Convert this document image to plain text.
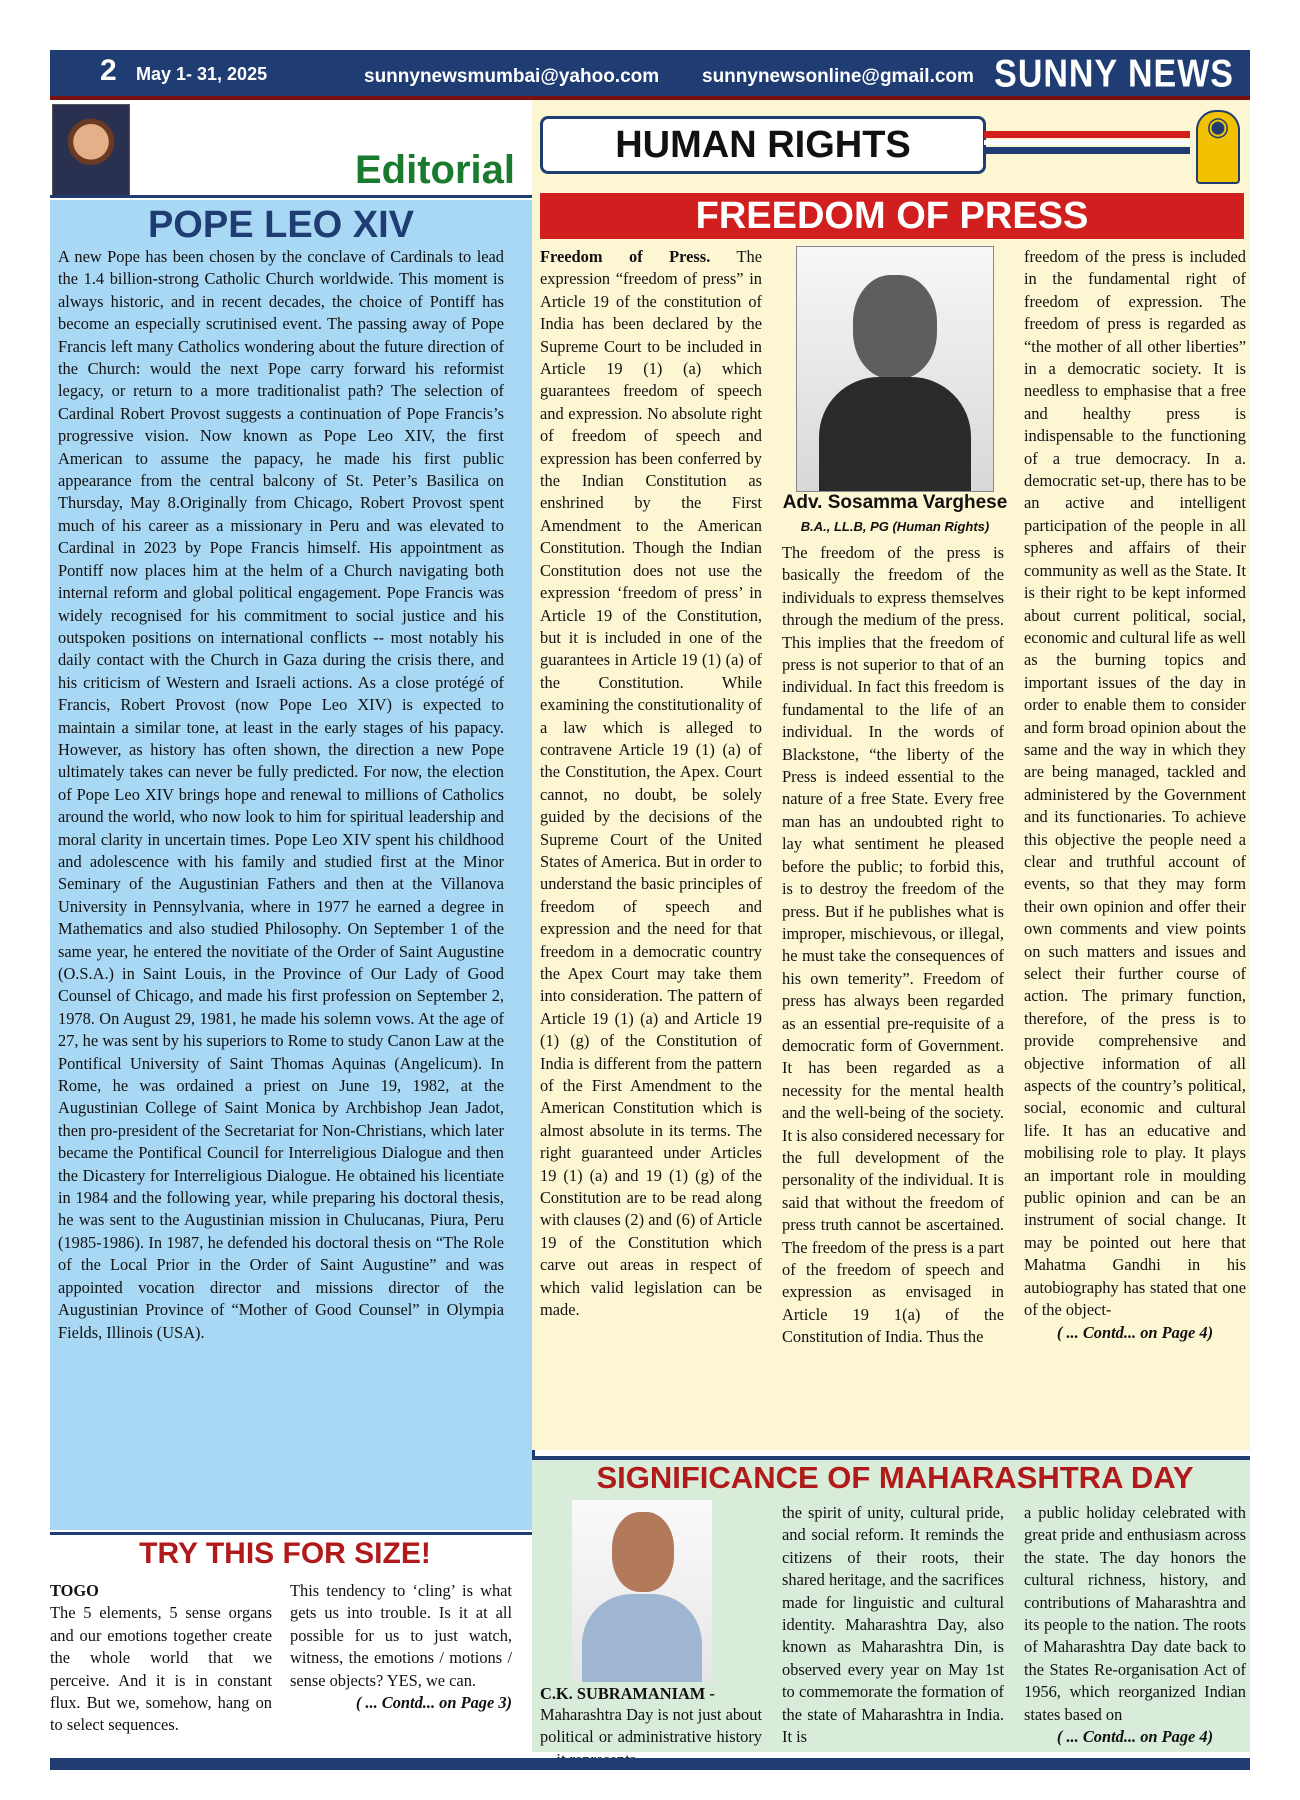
2 May 1- 31, 2025	sunnynewsmumbai@yahoo.com sunnynewsonline@gmail.com SUNNY NEWS
Editorial
POPE LEO XIV
A new Pope has been chosen by the conclave of Cardinals to lead the 1.4 billion-strong Catholic Church worldwide. This moment is always historic, and in recent decades, the choice of Pontiff has become an especially scrutinised event. The passing away of Pope Francis left many Catholics wondering about the future direction of the Church: would the next Pope carry forward his reformist legacy, or return to a more traditionalist path? The selection of Cardinal Robert Provost suggests a continuation of Pope Francis’s progressive vision. Now known as Pope Leo XIV, the first American to assume the papacy, he made his first public appearance from the central balcony of St. Peter’s Basilica on Thursday, May 8.Originally from Chicago, Robert Provost spent much of his career as a missionary in Peru and was elevated to Cardinal in 2023 by Pope Francis himself. His appointment as Pontiff now places him at the helm of a Church navigating both internal reform and global political engagement. Pope Francis was widely recognised for his commitment to social justice and his outspoken positions on international conflicts -- most notably his daily contact with the Church in Gaza during the crisis there, and his criticism of Western and Israeli actions. As a close protégé of Francis, Robert Provost (now Pope Leo XIV) is expected to maintain a similar tone, at least in the early stages of his papacy. However, as history has often shown, the direction a new Pope ultimately takes can never be fully predicted. For now, the election of Pope Leo XIV brings hope and renewal to millions of Catholics around the world, who now look to him for spiritual leadership and moral clarity in uncertain times. Pope Leo XIV spent his childhood and adolescence with his family and studied first at the Minor Seminary of the Augustinian Fathers and then at the Villanova University in Pennsylvania, where in 1977 he earned a degree in Mathematics and also studied Philosophy. On September 1 of the same year, he entered the novitiate of the Order of Saint Augustine (O.S.A.) in Saint Louis, in the Province of Our Lady of Good Counsel of Chicago, and made his first profession on September 2, 1978. On August 29, 1981, he made his solemn vows. At the age of 27, he was sent by his superiors to Rome to study Canon Law at the Pontifical University of Saint Thomas Aquinas (Angelicum). In Rome, he was ordained a priest on June 19, 1982, at the Augustinian College of Saint Monica by Archbishop Jean Jadot, then pro-president of the Secretariat for Non-Christians, which later became the Pontifical Council for Interreligious Dialogue and then the Dicastery for Interreligious Dialogue. He obtained his licentiate in 1984 and the following year, while preparing his doctoral thesis, he was sent to the Augustinian mission in Chulucanas, Piura, Peru (1985-1986). In 1987, he defended his doctoral thesis on “The Role of the Local Prior in the Order of Saint Augustine” and was appointed vocation director and missions director of the Augustinian Province of “Mother of Good Counsel” in Olympia Fields, Illinois (USA).
TRY THIS FOR SIZE!
TOGO
The 5 elements, 5 sense organs and our emotions together create the whole world that we perceive. And it is in constant flux. But we, somehow, hang on to select sequences.
This tendency to ‘cling’ is what gets us into trouble. Is it at all possible for us to just watch, witness, the emotions / motions / sense objects? YES, we can.
( ... Contd... on Page 3)
HUMAN RIGHTS	◉
FREEDOM OF PRESS
Freedom of Press. The expression “freedom of press” in Article 19 of the constitution of India has been declared by the Supreme Court to be included in Article 19 (1) (a) which guarantees freedom of speech and expression. No absolute right of freedom of speech and expression has been conferred by the Indian Constitution as enshrined by the First Amendment to the American Constitution. Though the Indian Constitution does not use the expression ‘freedom of press’ in Article 19 of the Constitution, but it is included in one of the guarantees in Article 19 (1) (a) of the Constitution. While examining the constitutionality of a law which is alleged to contravene Article 19 (1) (a) of the Constitution, the Apex. Court cannot, no doubt, be solely guided by the decisions of the Supreme Court of the United States of America. But in order to understand the basic principles of freedom of speech and expression and the need for that freedom in a democratic country the Apex Court may take them into consideration. The pattern of Article 19 (1) (a) and Article 19 (1) (g) of the Constitution of India is different from the pattern of the First Amendment to the American Constitution which is almost absolute in its terms. The right guaranteed under Articles 19 (1) (a) and 19 (1) (g) of the Constitution are to be read along with clauses (2) and (6) of Article 19 of the Constitution which carve out areas in respect of which valid legislation can be made.
Adv. Sosamma Varghese
B.A., LL.B, PG (Human Rights)
The freedom of the press is basically the freedom of the individuals to express themselves through the medium of the press. This implies that the freedom of press is not superior to that of an individual. In fact this freedom is fundamental to the life of an individual. In the words of Blackstone, “the liberty of the Press is indeed essential to the nature of a free State. Every free man has an undoubted right to lay what sentiment he pleased before the public; to forbid this, is to destroy the freedom of the press. But if he publishes what is improper, mischievous, or illegal, he must take the consequences of his own temerity”. Freedom of press has always been regarded as an essential pre-requisite of a democratic form of Government. It has been regarded as a necessity for the mental health and the well-being of the society. It is also considered necessary for the full development of the personality of the individual. It is said that without the freedom of press truth cannot be ascertained. The freedom of the press is a part of the freedom of speech and expression as envisaged in Article 19 1(a) of the Constitution of India. Thus the
freedom of the press is included in the fundamental right of freedom of expression. The freedom of press is regarded as “the mother of all other liberties” in a democratic society. It is needless to emphasise that a free and healthy press is indispensable to the functioning of a true democracy. In a. democratic set-up, there has to be an active and intelligent participation of the people in all spheres and affairs of their community as well as the State. It is their right to be kept informed about current political, social, economic and cultural life as well as the burning topics and important issues of the day in order to enable them to consider and form broad opinion about the same and the way in which they are being managed, tackled and administered by the Government and its functionaries. To achieve this objective the people need a clear and truthful account of events, so that they may form their own opinion and offer their own comments and view points on such matters and issues and select their further course of action. The primary function, therefore, of the press is to provide comprehensive and objective information of all aspects of the country’s political, social, economic and cultural life. It has an educative and mobilising role to play. It plays an important role in moulding public opinion and can be an instrument of social change. It may be pointed out here that Mahatma Gandhi in his autobiography has stated that one of the object-
( ... Contd... on Page 4)
SIGNIFICANCE OF MAHARASHTRA DAY
C.K. SUBRAMANIAM -
Maharashtra Day is not just about political or administrative history
the spirit of unity, cultural pride, and social reform. It reminds the citizens of their roots, their shared heritage, and the sacrifices made for linguistic and cultural identity. Maharashtra Day, also known as Maharashtra Din, is observed every year on May 1st to commemorate the formation of the state of Maharashtra in India. It is
a public holiday celebrated with great pride and enthusiasm across the state. The day honors the cultural richness, history, and contributions of Maharashtra and its people to the nation. The roots of Maharashtra Day date back to the States Re-organisation Act of 1956, which reorganized Indian states based on
( ... Contd... on Page 4)
